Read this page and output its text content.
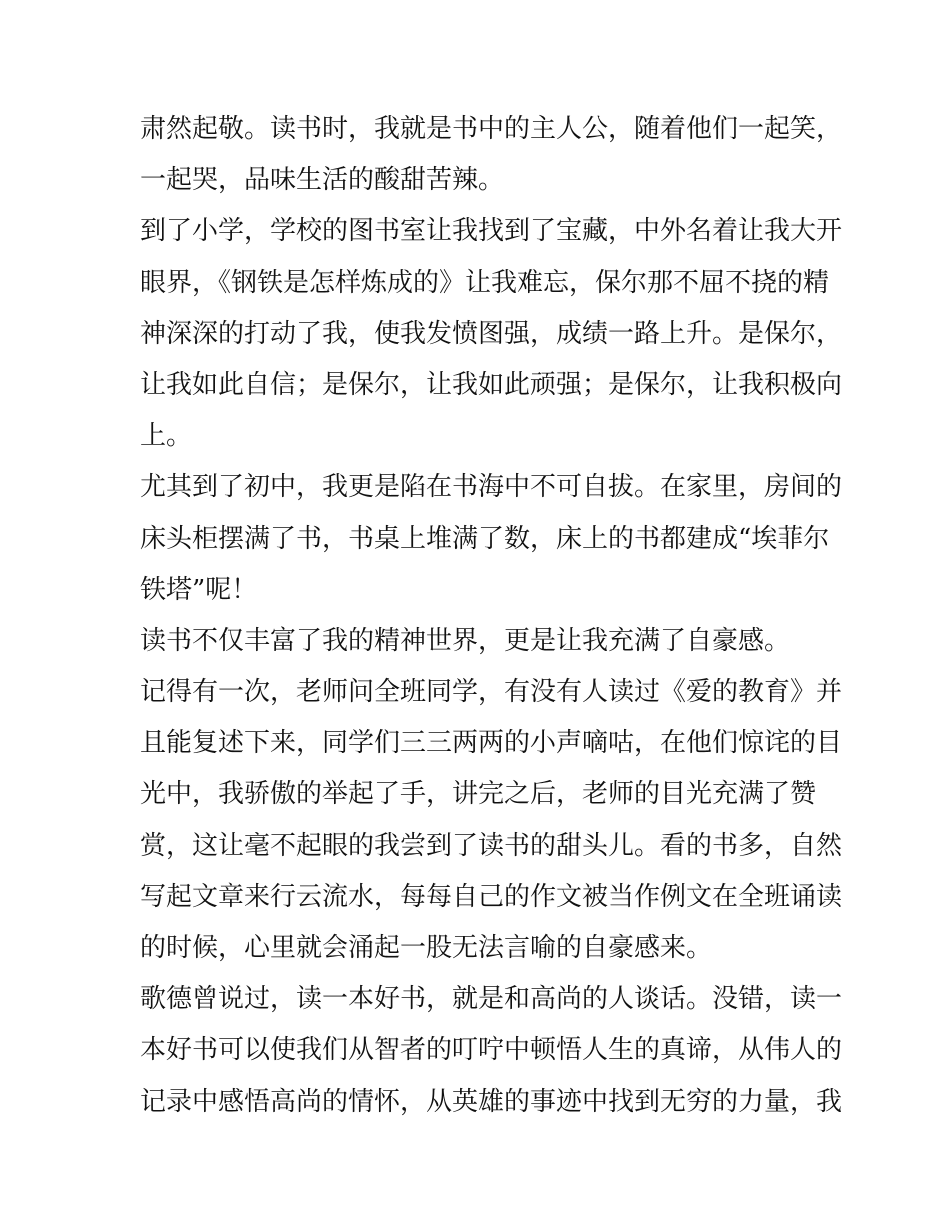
肃然起敬。读书时，我就是书中的主人公，随着他们一起笑，
一起哭，品味生活的酸甜苦辣。
到了小学，学校的图书室让我找到了宝藏，中外名着让我大开
眼界，《钢铁是怎样炼成的》让我难忘，保尔那不屈不挠的精
神深深的打动了我，使我发愤图强，成绩一路上升。是保尔，
让我如此自信；是保尔，让我如此顽强；是保尔，让我积极向
上。
尤其到了初中，我更是陷在书海中不可自拔。在家里，房间的
床头柜摆满了书，书桌上堆满了数，床上的书都建成“埃菲尔
铁塔”呢！
读书不仅丰富了我的精神世界，更是让我充满了自豪感。
记得有一次，老师问全班同学，有没有人读过《爱的教育》并
且能复述下来，同学们三三两两的小声嘀咕，在他们惊诧的目
光中，我骄傲的举起了手，讲完之后，老师的目光充满了赞
赏，这让毫不起眼的我尝到了读书的甜头儿。看的书多，自然
写起文章来行云流水，每每自己的作文被当作例文在全班诵读
的时候，心里就会涌起一股无法言喻的自豪感来。
歌德曾说过，读一本好书，就是和高尚的人谈话。没错，读一
本好书可以使我们从智者的叮咛中顿悟人生的真谛，从伟人的
记录中感悟高尚的情怀，从英雄的事迹中找到无穷的力量，我
